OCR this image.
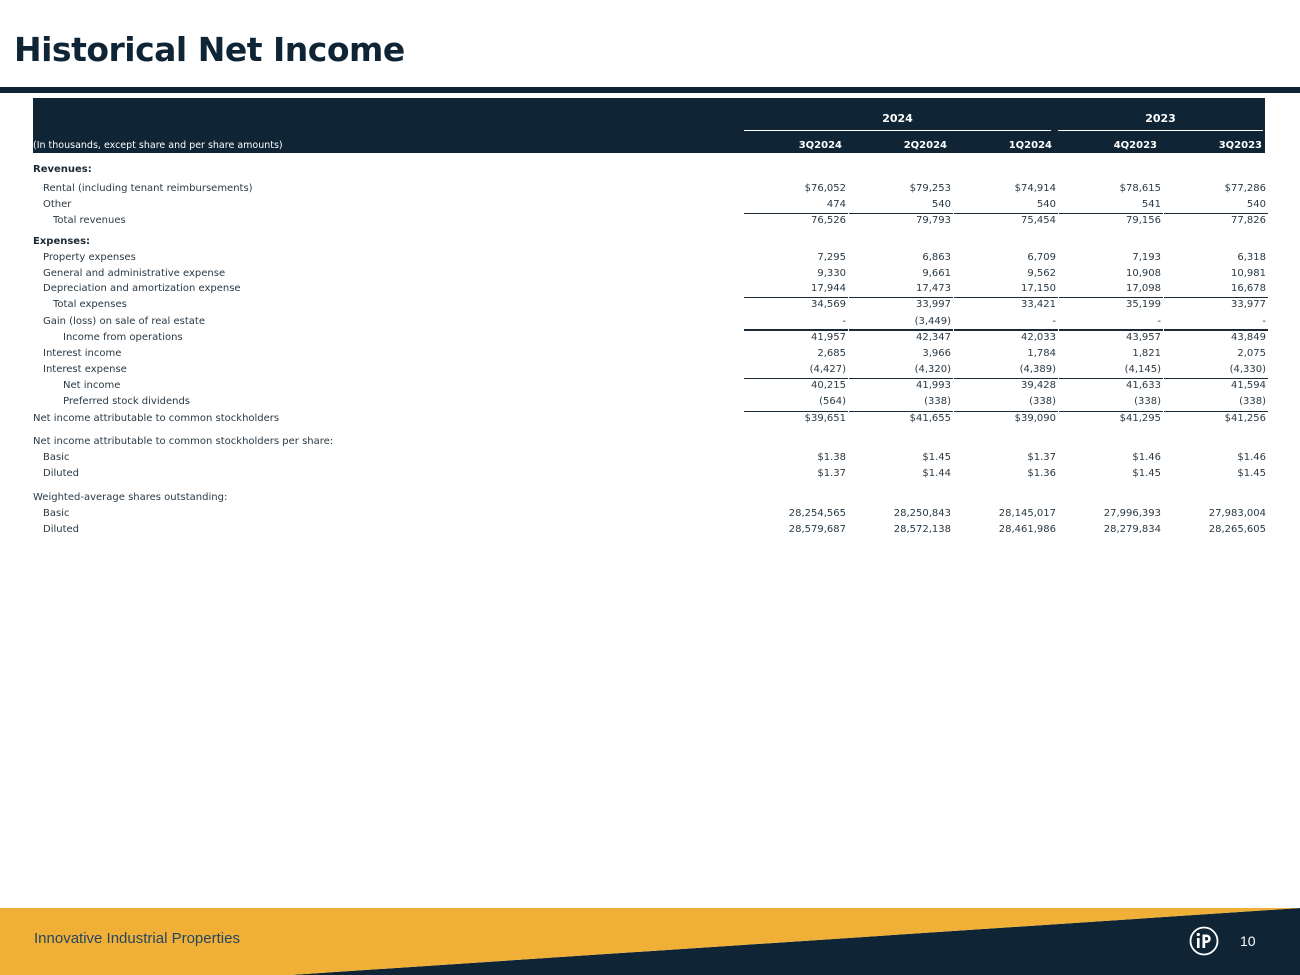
Historical Net Income
2024	2023
(In thousands, except share and per share amounts)	3Q2024	2Q2024	1Q2024	4Q2023	3Q2023
Revenues:
Rental (including tenant reimbursements)	$76,052	$79,253	$74,914	$78,615	$77,286
Other	474	540	540	541	540
Total revenues	76,526	79,793	75,454	79,156	77,826
Expenses:
Property expenses	7,295	6,863	6,709	7,193	6,318
General and administrative expense	9,330	9,661	9,562	10,908	10,981
Depreciation and amortization expense	17,944	17,473	17,150	17,098	16,678
Total expenses	34,569	33,997	33,421	35,199	33,977
Gain (loss) on sale of real estate	-	(3,449)	-	-	-
Income from operations	41,957	42,347	42,033	43,957	43,849
Interest income	2,685	3,966	1,784	1,821	2,075
Interest expense	(4,427)	(4,320)	(4,389)	(4,145)	(4,330)
Net income	40,215	41,993	39,428	41,633	41,594
Preferred stock dividends	(564)	(338)	(338)	(338)	(338)
Net income attributable to common stockholders	$39,651	$41,655	$39,090	$41,295	$41,256
Net income attributable to common stockholders per share:
Basic	$1.38	$1.45	$1.37	$1.46	$1.46
Diluted	$1.37	$1.44	$1.36	$1.45	$1.45
Weighted-average shares outstanding:
Basic	28,254,565	28,250,843	28,145,017	27,996,393	27,983,004
Diluted	28,579,687	28,572,138	28,461,986	28,279,834	28,265,605
Innovative Industrial Properties	10
